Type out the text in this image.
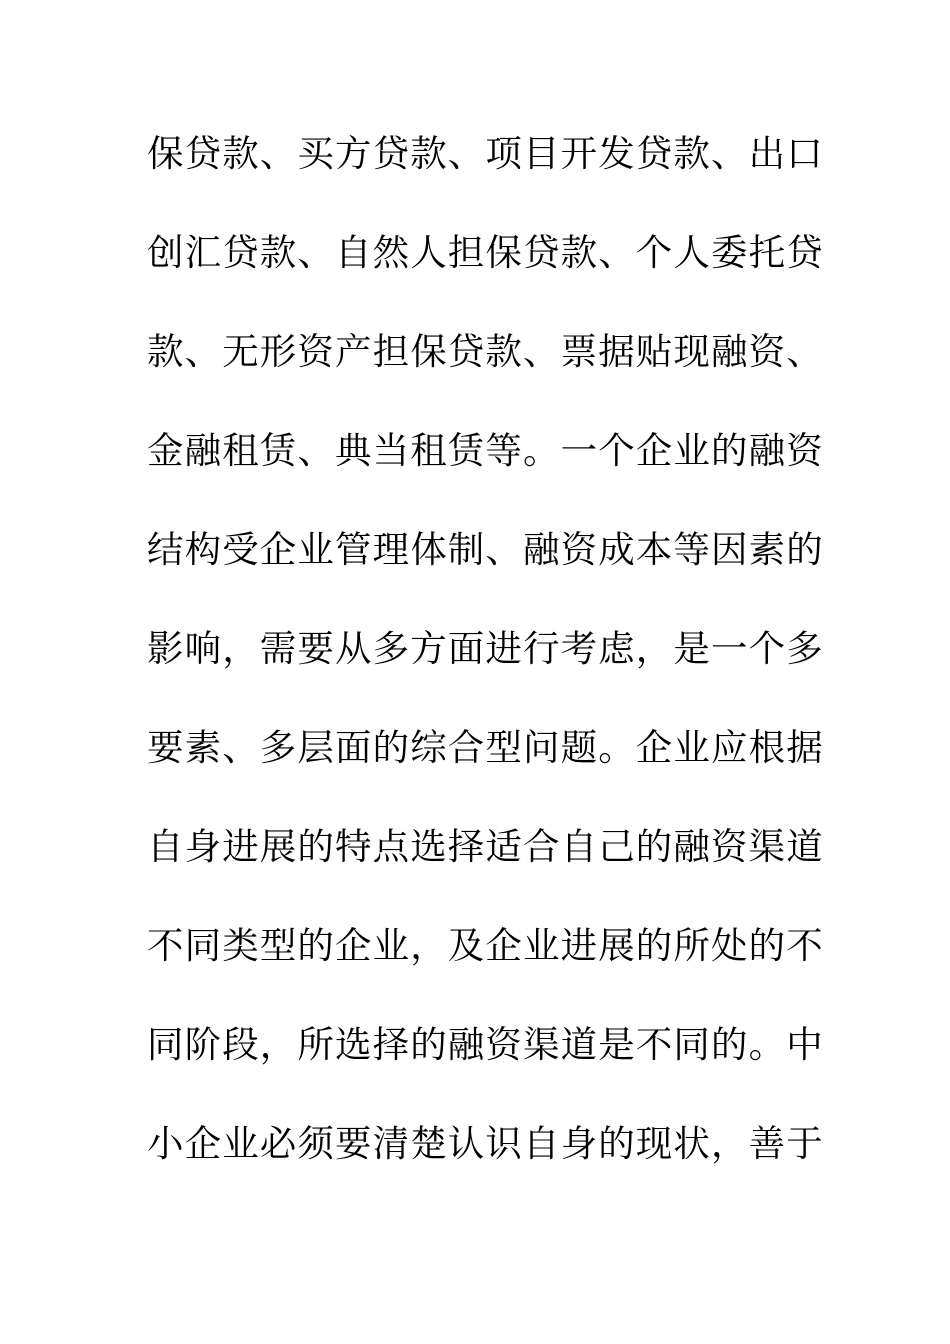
保贷款、买方贷款、项目开发贷款、出口
创汇贷款、自然人担保贷款、个人委托贷
款、无形资产担保贷款、票据贴现融资、
金融租赁、典当租赁等。一个企业的融资
结构受企业管理体制、融资成本等因素的
影响，需要从多方面进行考虑，是一个多
要素、多层面的综合型问题。企业应根据
自身进展的特点选择适合自己的融资渠道
不同类型的企业，及企业进展的所处的不
同阶段，所选择的融资渠道是不同的。中
小企业必须要清楚认识自身的现状，善于
